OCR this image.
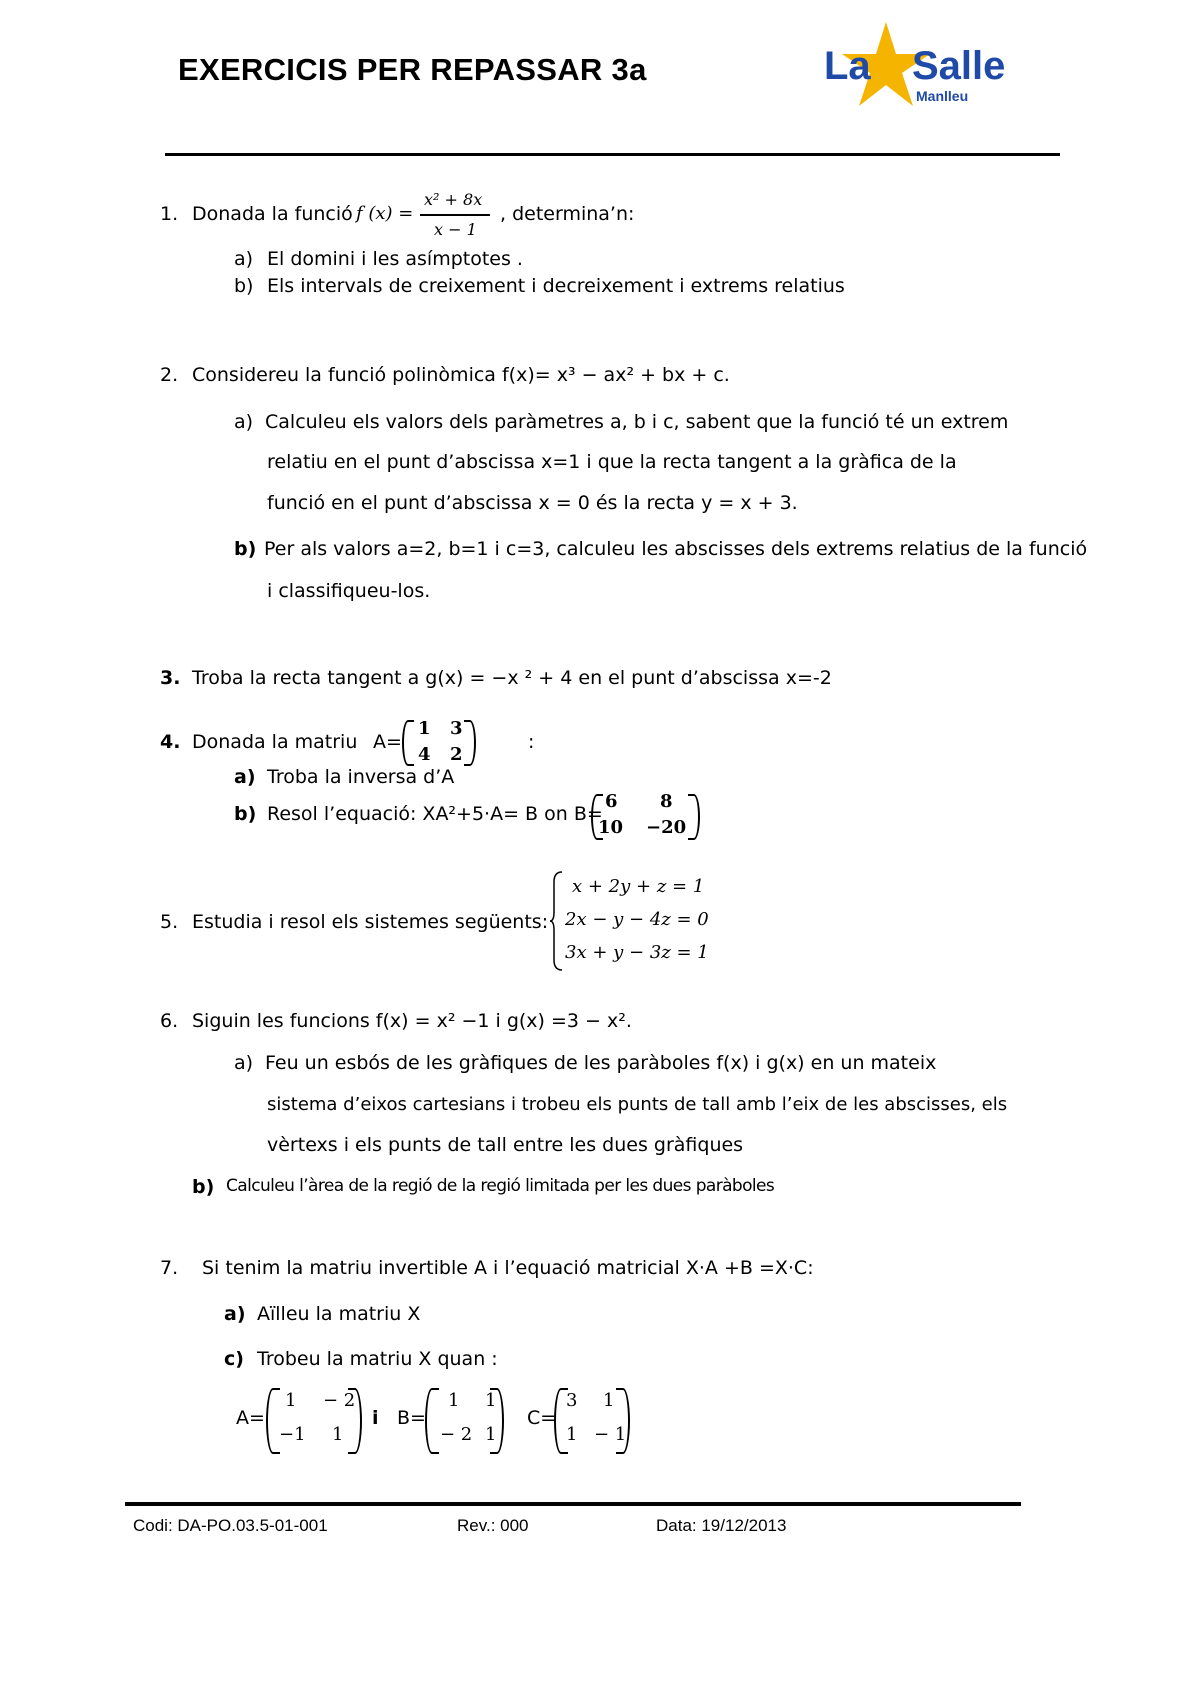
EXERCICIS PER REPASSAR 3a	La Salle
Manlleu
1. Donada la funció f (x) =
x² + 8x
x − 1
, determina’n:
a) El domini i les asímptotes .
b) Els intervals de creixement i decreixement i extrems relatius
2. Considereu la funció polinòmica f(x)= x³ − ax² + bx + c.
a) Calculeu els valors dels paràmetres a, b i c, sabent que la funció té un extrem
relatiu en el punt d’abscissa x=1 i que la recta tangent a la gràfica de la
funció en el punt d’abscissa x = 0 és la recta y = x + 3.
b) Per als valors a=2, b=1 i c=3, calculeu les abscisses dels extrems relatius de la funció
i classifiqueu-los.
3. Troba la recta tangent a g(x) = −x ² + 4 en el punt d’abscissa x=-2
4. Donada la matriu A=
1 3
4 2
:
a) Troba la inversa d’A
b) Resol l’equació: XA²+5·A= B on B=
6 8
10 −20
5. Estudia i resol els sistemes següents:
x + 2y + z = 1
2x − y − 4z = 0
3x + y − 3z = 1
6. Siguin les funcions f(x) = x² −1 i g(x) =3 − x².
a) Feu un esbós de les gràfiques de les paràboles f(x) i g(x) en un mateix
sistema d’eixos cartesians i trobeu els punts de tall amb l’eix de les abscisses, els
vèrtexs i els punts de tall entre les dues gràfiques
b) Calculeu l’àrea de la regió de la regió limitada per les dues paràboles
7. Si tenim la matriu invertible A i l’equació matricial X·A +B =X·C:
a) Aïlleu la matriu X
c) Trobeu la matriu X quan :
A=
1 − 2
−1 1
i B=
1 1
− 2 1
C=
3 1
1 − 1
Codi: DA-PO.03.5-01-001	Rev.: 000	Data: 19/12/2013
